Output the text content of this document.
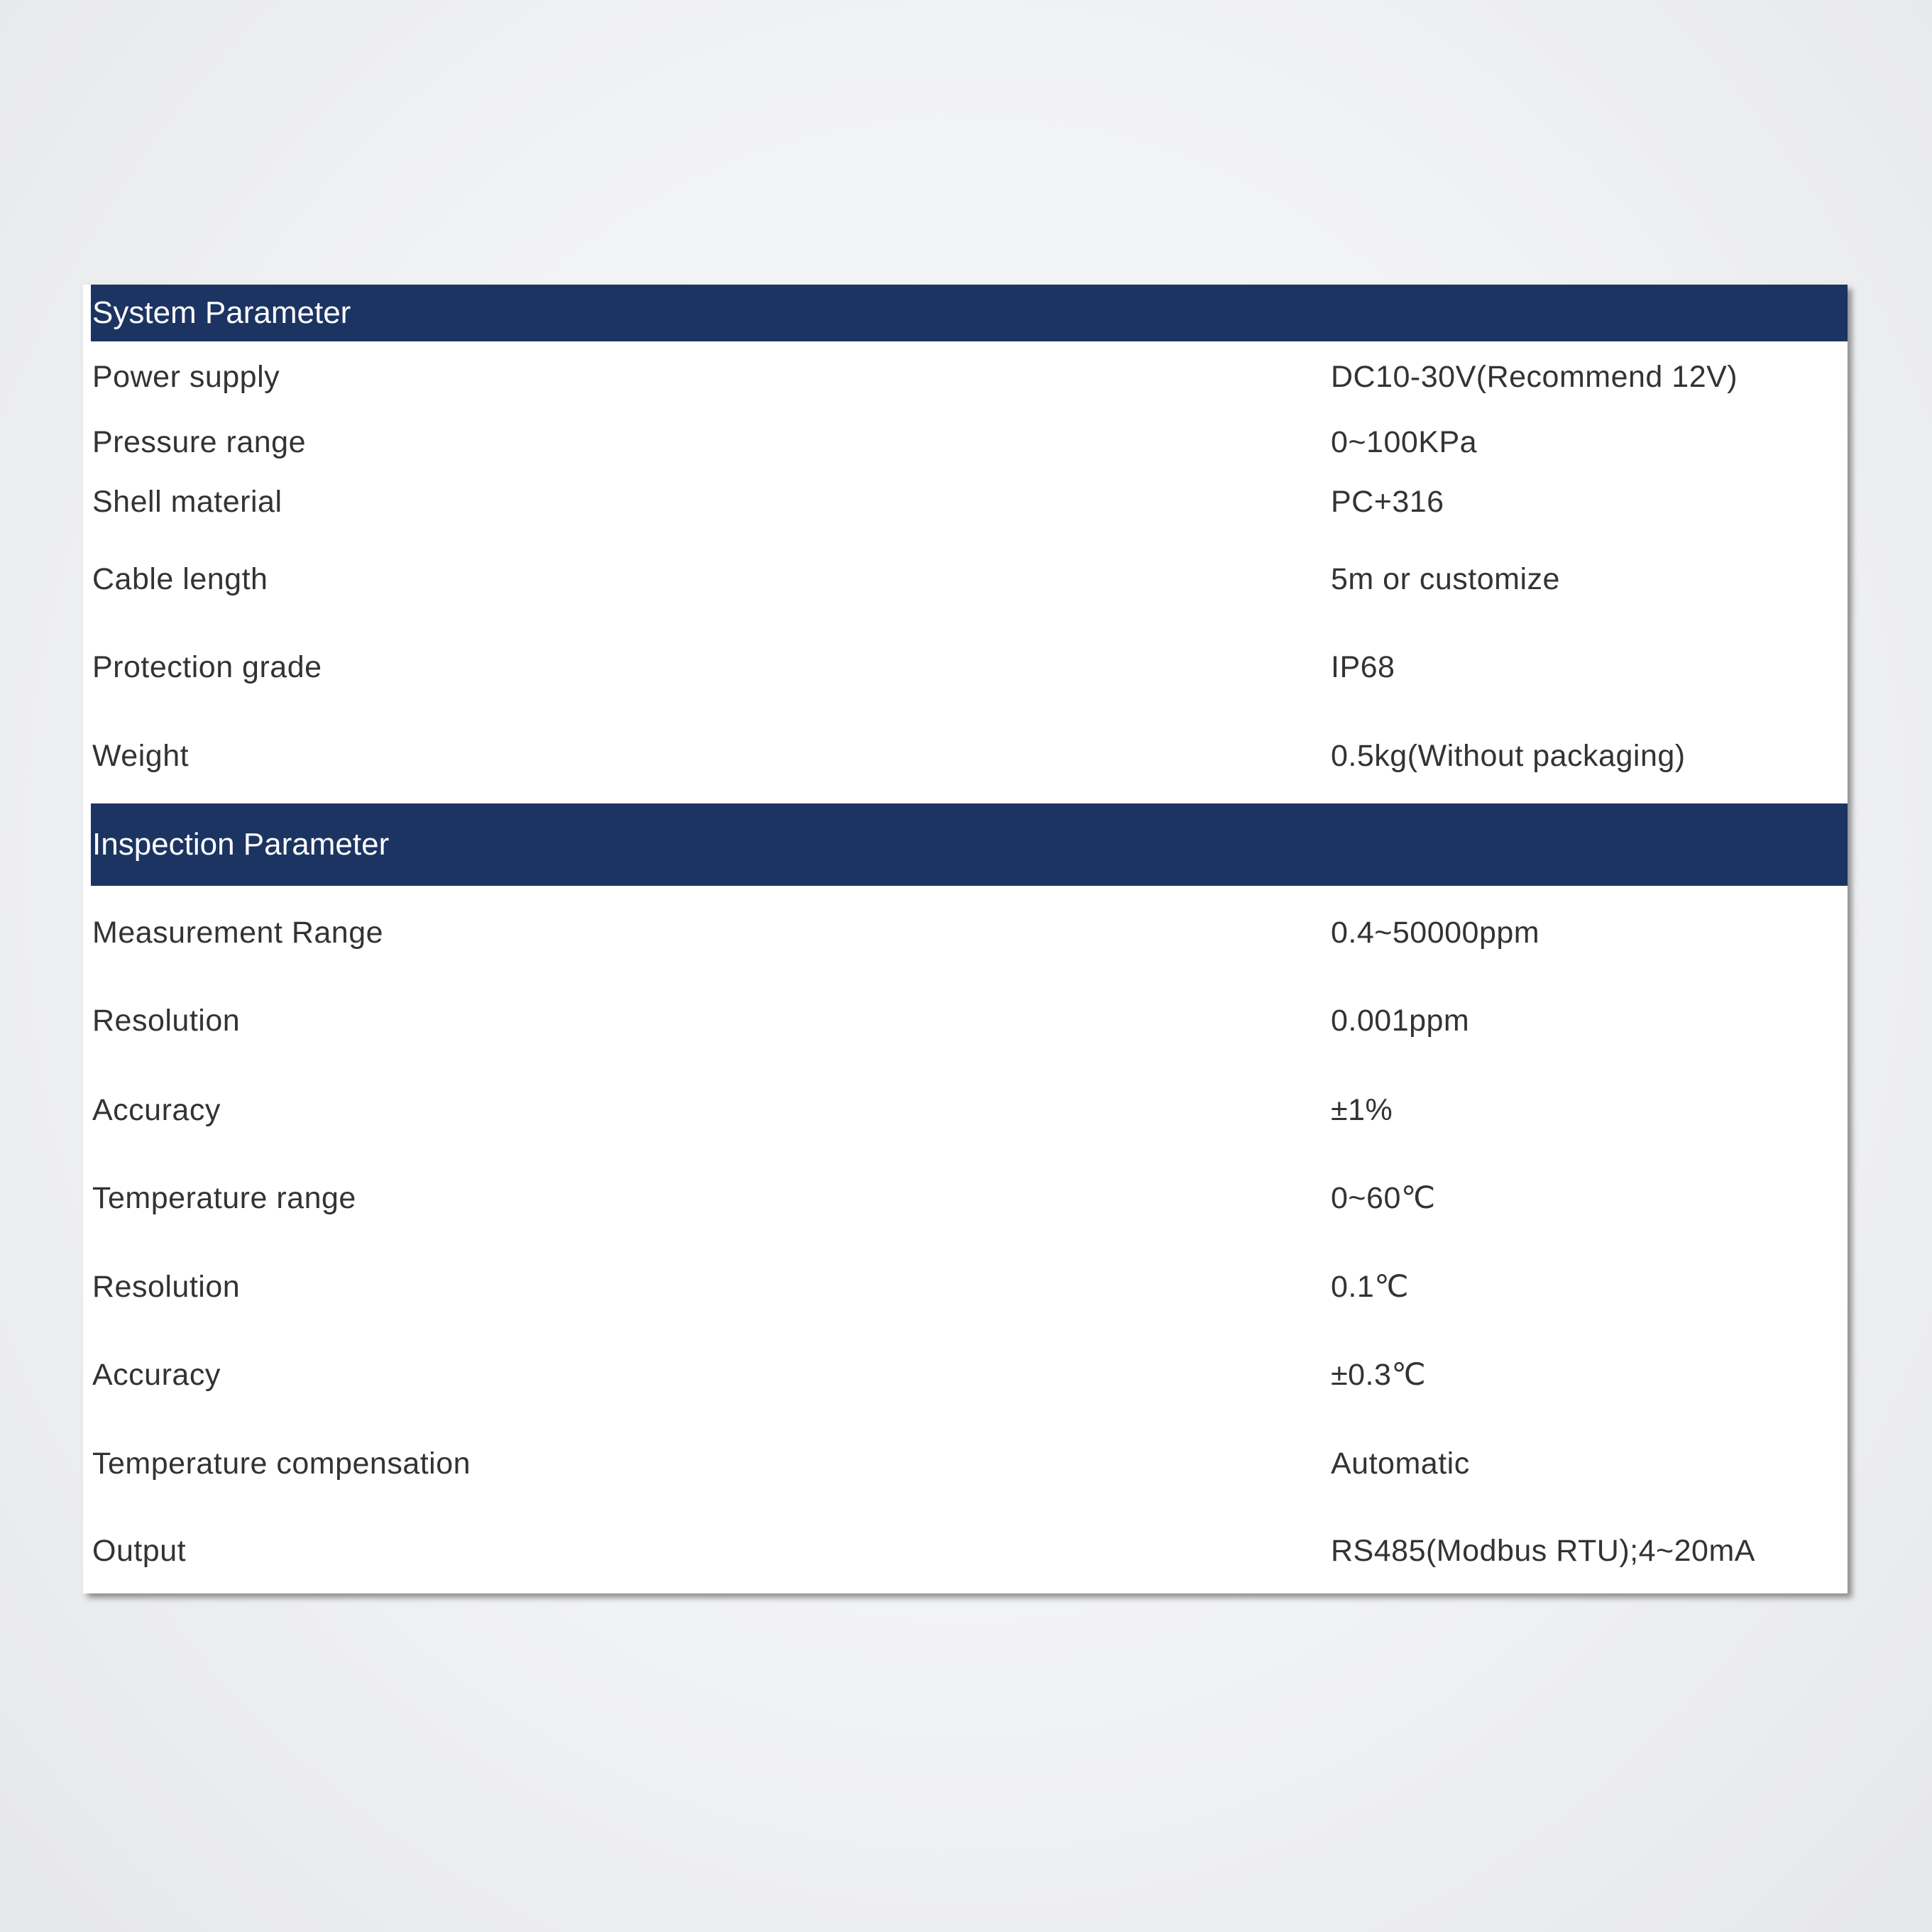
System Parameter
Power supply	DC10-30V(Recommend 12V)
Pressure range	0~100KPa
Shell material	PC+316
Cable length	5m or customize
Protection grade	IP68
Weight	0.5kg(Without packaging)
Inspection Parameter
Measurement Range	0.4~50000ppm
Resolution	0.001ppm
Accuracy	±1%
Temperature range	0~60℃
Resolution	0.1℃
Accuracy	±0.3℃
Temperature compensation	Automatic
Output	RS485(Modbus RTU);4~20mA
